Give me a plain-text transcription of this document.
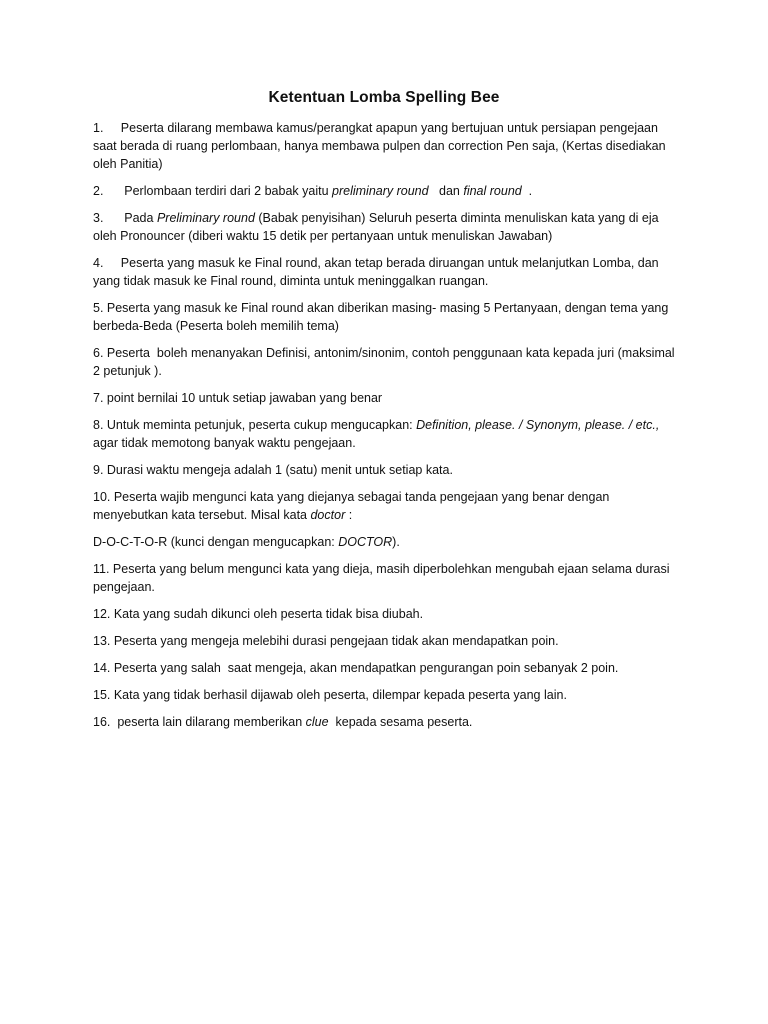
Ketentuan Lomba Spelling Bee

1.     Peserta dilarang membawa kamus/perangkat apapun yang bertujuan untuk persiapan pengejaan saat berada di ruang perlombaan, hanya membawa pulpen dan correction Pen saja, (Kertas disediakan oleh Panitia)

2.      Perlombaan terdiri dari 2 babak yaitu preliminary round   dan final round  .

3.      Pada Preliminary round (Babak penyisihan) Seluruh peserta diminta menuliskan kata yang di eja oleh Pronouncer (diberi waktu 15 detik per pertanyaan untuk menuliskan Jawaban)

4.     Peserta yang masuk ke Final round, akan tetap berada diruangan untuk melanjutkan Lomba, dan yang tidak masuk ke Final round, diminta untuk meninggalkan ruangan.

5. Peserta yang masuk ke Final round akan diberikan masing- masing 5 Pertanyaan, dengan tema yang berbeda-Beda (Peserta boleh memilih tema)

6. Peserta  boleh menanyakan Definisi, antonim/sinonim, contoh penggunaan kata kepada juri (maksimal 2 petunjuk ).

7. point bernilai 10 untuk setiap jawaban yang benar

8. Untuk meminta petunjuk, peserta cukup mengucapkan: Definition, please. / Synonym, please. / etc.,  agar tidak memotong banyak waktu pengejaan.

9. Durasi waktu mengeja adalah 1 (satu) menit untuk setiap kata.

10. Peserta wajib mengunci kata yang diejanya sebagai tanda pengejaan yang benar dengan menyebutkan kata tersebut. Misal kata doctor :

D-O-C-T-O-R (kunci dengan mengucapkan: DOCTOR).

11. Peserta yang belum mengunci kata yang dieja, masih diperbolehkan mengubah ejaan selama durasi pengejaan.

12. Kata yang sudah dikunci oleh peserta tidak bisa diubah.

13. Peserta yang mengeja melebihi durasi pengejaan tidak akan mendapatkan poin.

14. Peserta yang salah  saat mengeja, akan mendapatkan pengurangan poin sebanyak 2 poin.

15. Kata yang tidak berhasil dijawab oleh peserta, dilempar kepada peserta yang lain.

16.  peserta lain dilarang memberikan clue  kepada sesama peserta.
